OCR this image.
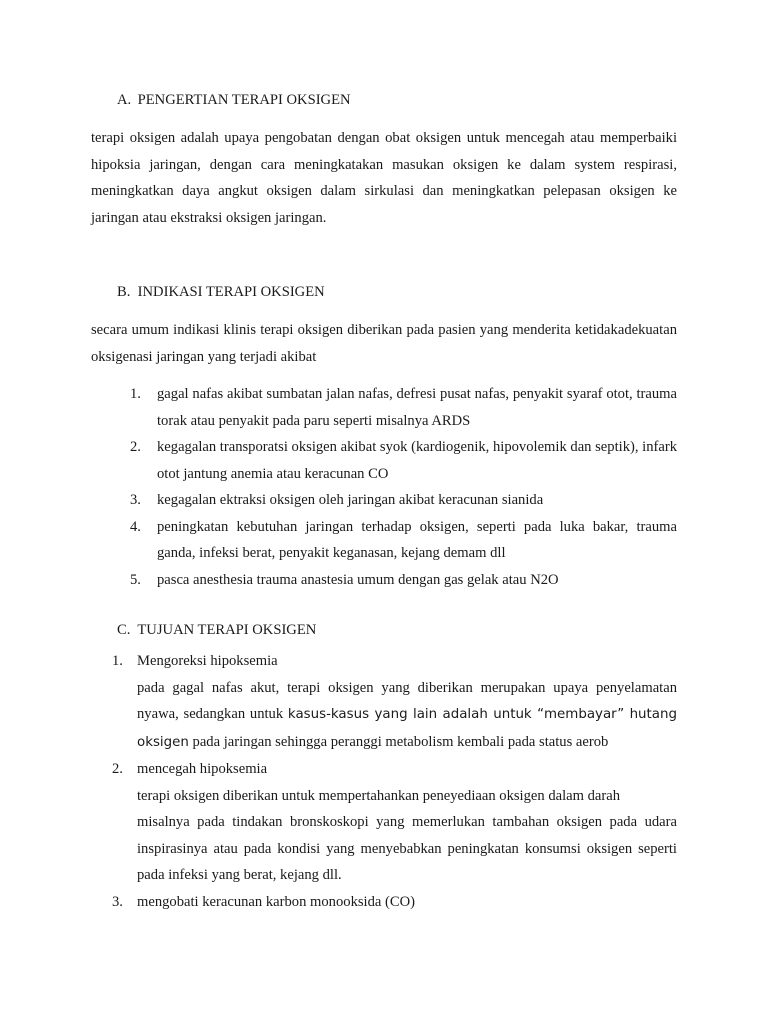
A. PENGERTIAN TERAPI OKSIGEN
terapi oksigen adalah upaya pengobatan dengan obat oksigen untuk mencegah atau memperbaiki hipoksia jaringan, dengan cara meningkatakan masukan oksigen ke dalam system respirasi, meningkatkan daya angkut oksigen dalam sirkulasi dan meningkatkan pelepasan oksigen ke jaringan atau ekstraksi oksigen jaringan.
B. INDIKASI TERAPI OKSIGEN
secara umum indikasi klinis terapi oksigen diberikan pada pasien yang menderita ketidakadekuatan oksigenasi jaringan yang terjadi akibat
1. gagal nafas akibat sumbatan jalan nafas, defresi pusat nafas, penyakit syaraf otot, trauma torak atau penyakit pada paru seperti misalnya ARDS
2. kegagalan transporatsi oksigen akibat syok (kardiogenik, hipovolemik dan septik), infark otot jantung anemia atau keracunan CO
3. kegagalan ektraksi oksigen oleh jaringan akibat keracunan sianida
4. peningkatan kebutuhan jaringan terhadap oksigen, seperti pada luka bakar, trauma ganda, infeksi berat, penyakit keganasan, kejang demam dll
5. pasca anesthesia trauma anastesia umum dengan gas gelak atau N2O
C. TUJUAN TERAPI OKSIGEN
1. Mengoreksi hipoksemia
pada gagal nafas akut, terapi oksigen yang diberikan merupakan upaya penyelamatan nyawa, sedangkan untuk kasus-kasus yang lain adalah untuk “membayar” hutang oksigen pada jaringan sehingga peranggi metabolism kembali pada status aerob
2. mencegah hipoksemia
terapi oksigen diberikan untuk mempertahankan peneyediaan oksigen dalam darah
misalnya pada tindakan bronskoskopi yang memerlukan tambahan oksigen pada udara inspirasinya atau pada kondisi yang menyebabkan peningkatan konsumsi oksigen seperti pada infeksi yang berat, kejang dll.
3. mengobati keracunan karbon monooksida (CO)
